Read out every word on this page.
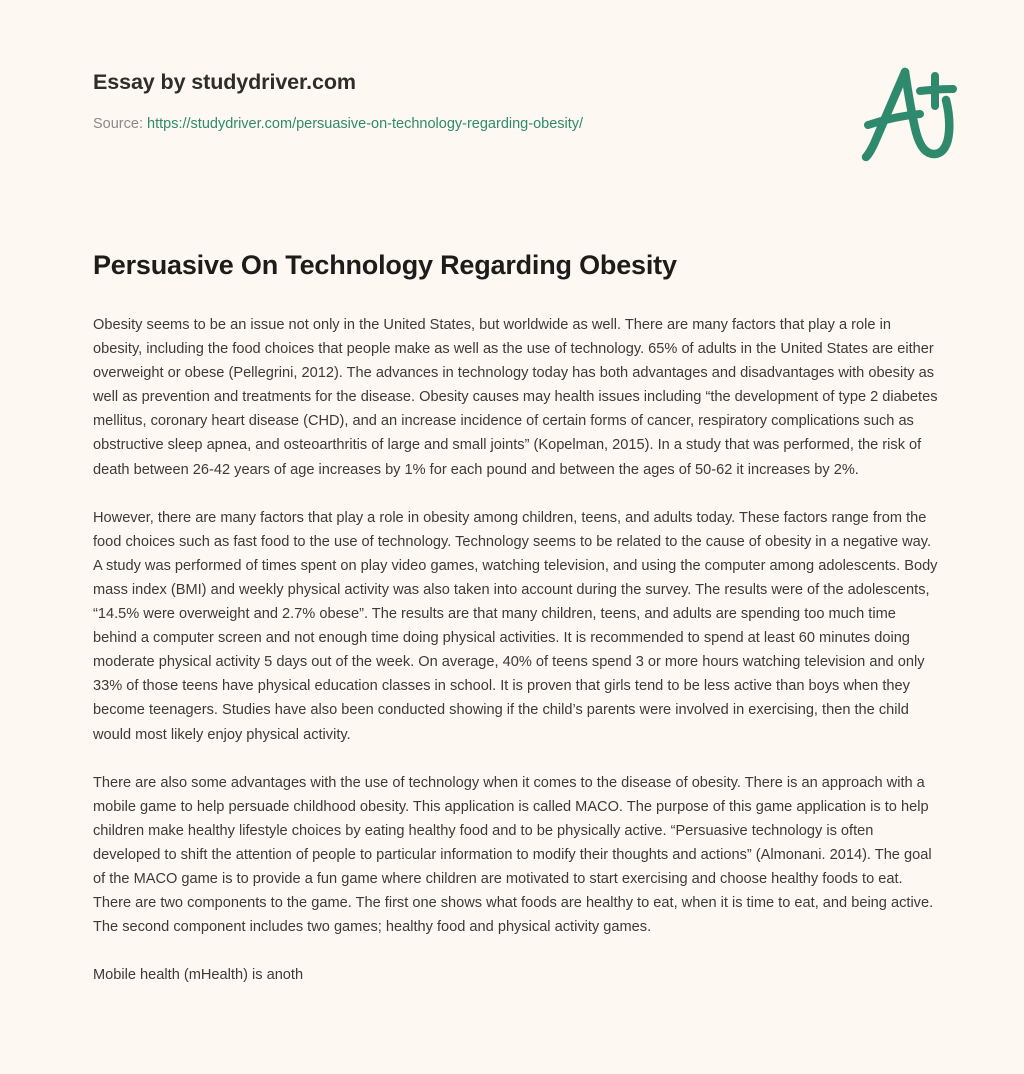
Essay by studydriver.com
Source: https://studydriver.com/persuasive-on-technology-regarding-obesity/
Persuasive On Technology Regarding Obesity

Obesity seems to be an issue not only in the United States, but worldwide as well. There are many factors that play a role in obesity, including the food choices that people make as well as the use of technology. 65% of adults in the United States are either overweight or obese (Pellegrini, 2012). The advances in technology today has both advantages and disadvantages with obesity as well as prevention and treatments for the disease. Obesity causes may health issues including “the development of type 2 diabetes mellitus, coronary heart disease (CHD), and an increase incidence of certain forms of cancer, respiratory complications such as obstructive sleep apnea, and osteoarthritis of large and small joints” (Kopelman, 2015). In a study that was performed, the risk of death between 26-42 years of age increases by 1% for each pound and between the ages of 50-62 it increases by 2%.

However, there are many factors that play a role in obesity among children, teens, and adults today. These factors range from the food choices such as fast food to the use of technology. Technology seems to be related to the cause of obesity in a negative way. A study was performed of times spent on play video games, watching television, and using the computer among adolescents. Body mass index (BMI) and weekly physical activity was also taken into account during the survey. The results were of the adolescents, “14.5% were overweight and 2.7% obese”. The results are that many children, teens, and adults are spending too much time behind a computer screen and not enough time doing physical activities. It is recommended to spend at least 60 minutes doing moderate physical activity 5 days out of the week. On average, 40% of teens spend 3 or more hours watching television and only 33% of those teens have physical education classes in school. It is proven that girls tend to be less active than boys when they become teenagers. Studies have also been conducted showing if the child’s parents were involved in exercising, then the child would most likely enjoy physical activity.

There are also some advantages with the use of technology when it comes to the disease of obesity. There is an approach with a mobile game to help persuade childhood obesity. This application is called MACO. The purpose of this game application is to help children make healthy lifestyle choices by eating healthy food and to be physically active. “Persuasive technology is often developed to shift the attention of people to particular information to modify their thoughts and actions” (Almonani. 2014). The goal of the MACO game is to provide a fun game where children are motivated to start exercising and choose healthy foods to eat. There are two components to the game. The first one shows what foods are healthy to eat, when it is time to eat, and being active. The second component includes two games; healthy food and physical activity games.

Mobile health (mHealth) is anoth
